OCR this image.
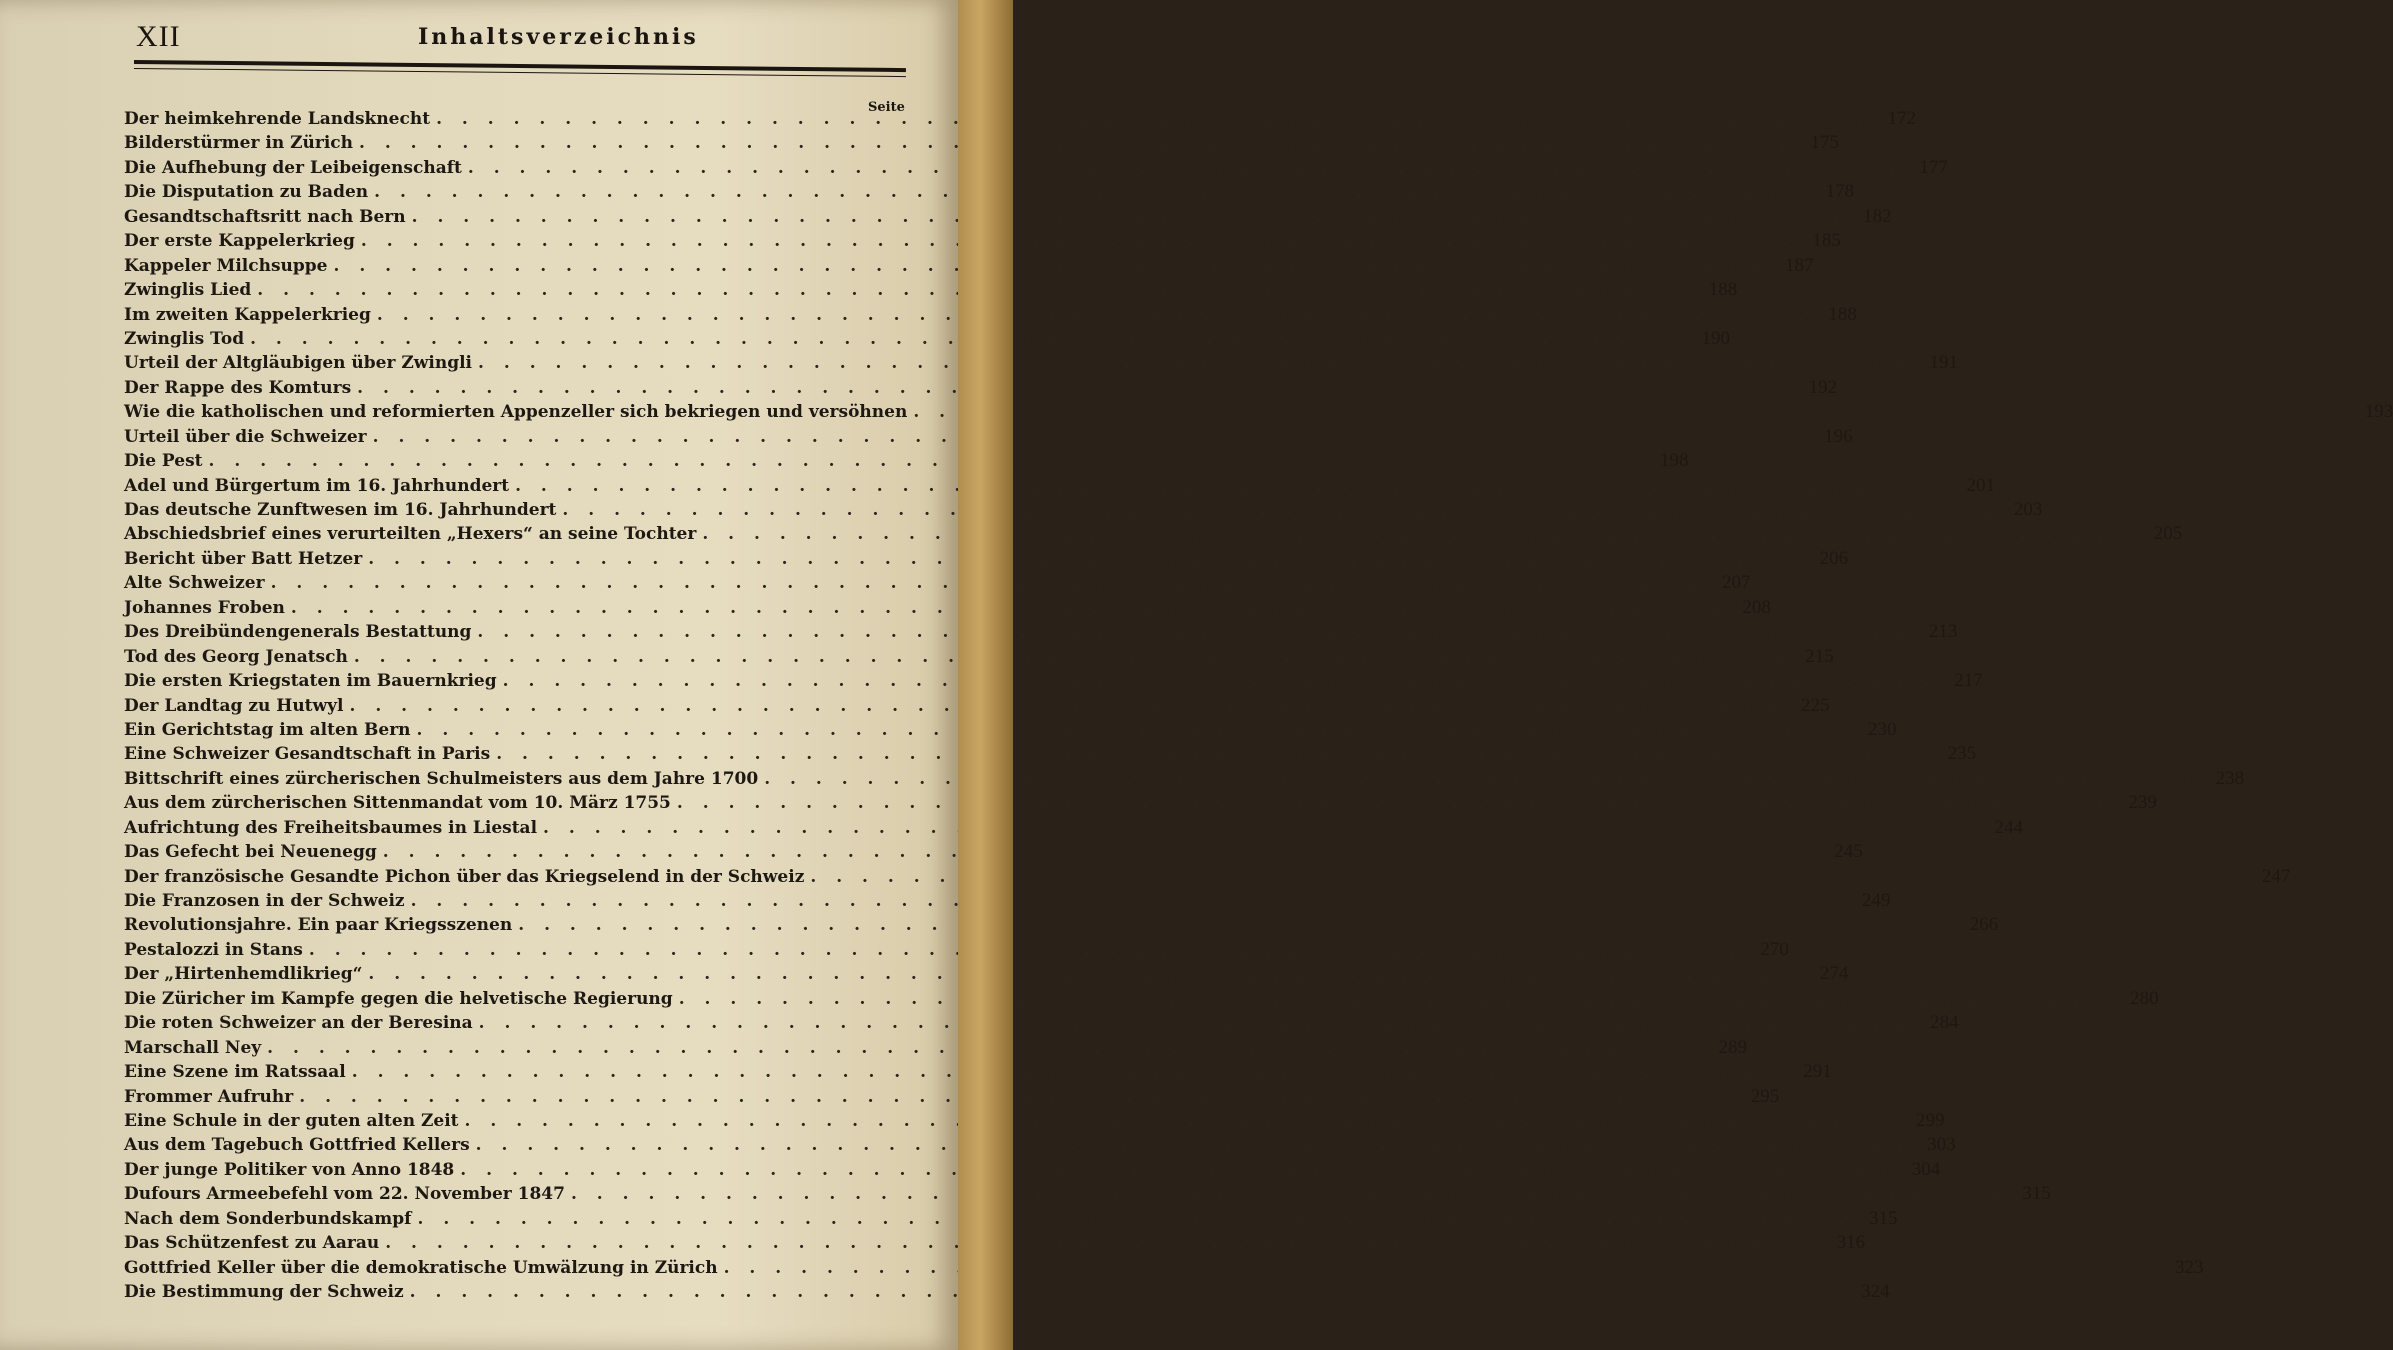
XII	Inhaltsverzeichnis
Seite
Der heimkehrende Landsknecht . . .	172
Bilderstürmer in Zürich . . .	175
Die Aufhebung der Leibeigenschaft . . .	177
Die Disputation zu Baden . . .	178
Gesandtschaftsritt nach Bern . . .	182
Der erste Kappelerkrieg . . .	185
Kappeler Milchsuppe . . .	187
Zwinglis Lied . . .	188
Im zweiten Kappelerkrieg . . .	188
Zwinglis Tod . . .	190
Urteil der Altgläubigen über Zwingli . . .	191
Der Rappe des Komturs . . .	192
Wie die katholischen und reformierten Appenzeller sich bekriegen und versöhnen . . .	193
Urteil über die Schweizer . . .	196
Die Pest . . .	198
Adel und Bürgertum im 16. Jahrhundert . . .	201
Das deutsche Zunftwesen im 16. Jahrhundert . . .	203
Abschiedsbrief eines verurteilten „Hexers“ an seine Tochter . . .	205
Bericht über Batt Hetzer . . .	206
Alte Schweizer . . .	207
Johannes Froben . . .	208
Des Dreibündengenerals Bestattung . . .	213
Tod des Georg Jenatsch . . .	215
Die ersten Kriegstaten im Bauernkrieg . . .	217
Der Landtag zu Hutwyl . . .	225
Ein Gerichtstag im alten Bern . . .	230
Eine Schweizer Gesandtschaft in Paris . . .	235
Bittschrift eines zürcherischen Schulmeisters aus dem Jahre 1700 . . .	238
Aus dem zürcherischen Sittenmandat vom 10. März 1755 . . .	239
Aufrichtung des Freiheitsbaumes in Liestal . . .	244
Das Gefecht bei Neuenegg . . .	245
Der französische Gesandte Pichon über das Kriegselend in der Schweiz . . .	247
Die Franzosen in der Schweiz . . .	249
Revolutionsjahre. Ein paar Kriegsszenen . . .	266
Pestalozzi in Stans . . .	270
Der „Hirtenhemdlikrieg“ . . .	274
Die Züricher im Kampfe gegen die helvetische Regierung . . .	280
Die roten Schweizer an der Beresina . . .	284
Marschall Ney . . .	289
Eine Szene im Ratssaal . . .	291
Frommer Aufruhr . . .	295
Eine Schule in der guten alten Zeit . . .	299
Aus dem Tagebuch Gottfried Kellers . . .	303
Der junge Politiker von Anno 1848 . . .	304
Dufours Armeebefehl vom 22. November 1847 . . .	315
Nach dem Sonderbundskampf . . .	315
Das Schützenfest zu Aarau . . .	316
Gottfried Keller über die demokratische Umwälzung in Zürich . . .	323
Die Bestimmung der Schweiz . . .	324
